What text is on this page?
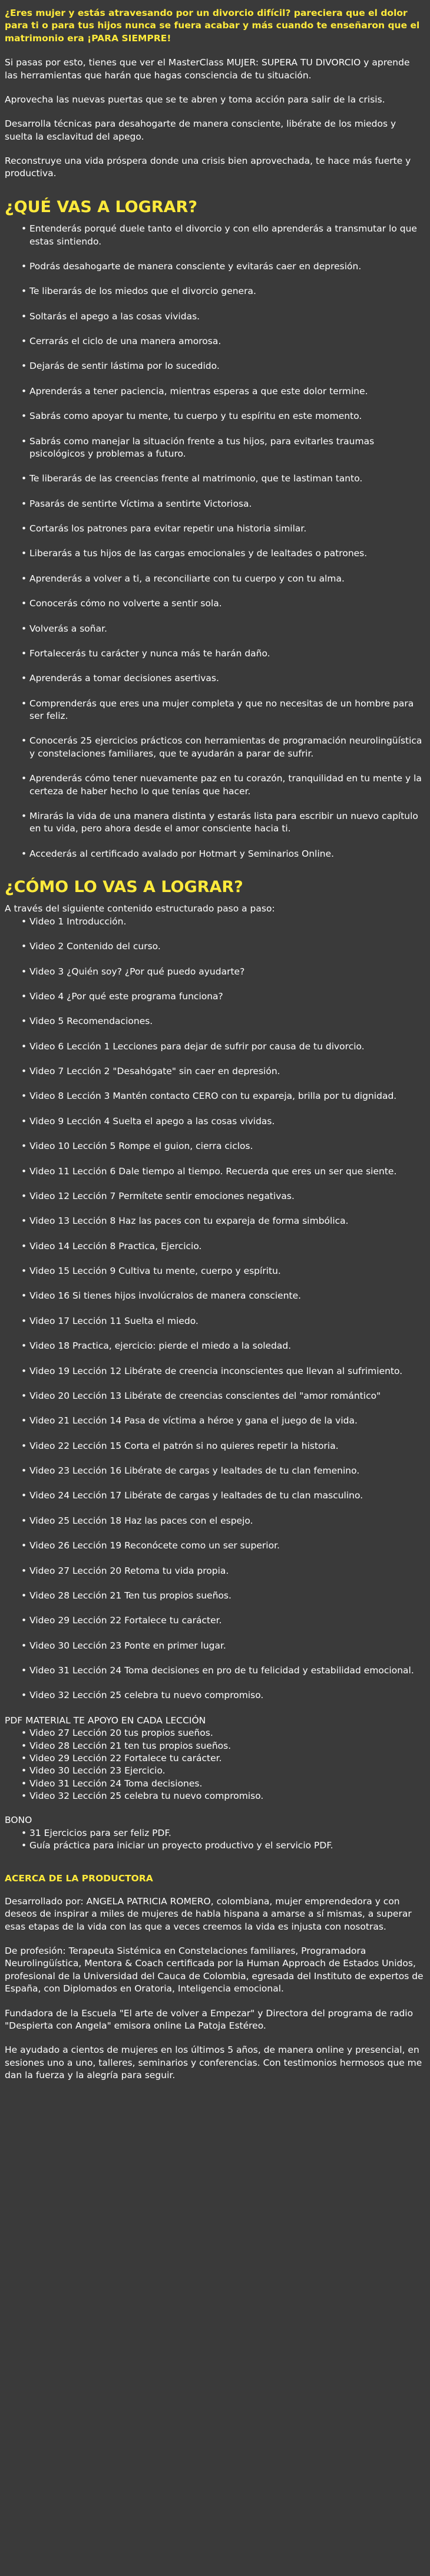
¿Eres mujer y estás atravesando por un divorcio difícil? pareciera que el dolor para ti o para tus hijos nunca se fuera acabar y más cuando te enseñaron que el matrimonio era ¡PARA SIEMPRE!

Si pasas por esto, tienes que ver el MasterClass MUJER: SUPERA TU DIVORCIO y aprende las herramientas que harán que hagas consciencia de tu situación.

Aprovecha las nuevas puertas que se te abren y toma acción para salir de la crisis.

Desarrolla técnicas para desahogarte de manera consciente, libérate de los miedos y suelta la esclavitud del apego.

Reconstruye una vida próspera donde una crisis bien aprovechada, te hace más fuerte y productiva.

¿QUÉ VAS A LOGRAR?
• Entenderás porqué duele tanto el divorcio y con ello aprenderás a transmutar lo que estas sintiendo.
• Podrás desahogarte de manera consciente y evitarás caer en depresión.
• Te liberarás de los miedos que el divorcio genera.
• Soltarás el apego a las cosas vividas.
• Cerrarás el ciclo de una manera amorosa.
• Dejarás de sentir lástima por lo sucedido.
• Aprenderás a tener paciencia, mientras esperas a que este dolor termine.
• Sabrás como apoyar tu mente, tu cuerpo y tu espíritu en este momento.
• Sabrás como manejar la situación frente a tus hijos, para evitarles traumas psicológicos y problemas a futuro.
• Te liberarás de las creencias frente al matrimonio, que te lastiman tanto.
• Pasarás de sentirte Víctima a sentirte Victoriosa.
• Cortarás los patrones para evitar repetir una historia similar.
• Liberarás a tus hijos de las cargas emocionales y de lealtades o patrones.
• Aprenderás a volver a ti, a reconciliarte con tu cuerpo y con tu alma.
• Conocerás cómo no volverte a sentir sola.
• Volverás a soñar.
• Fortalecerás tu carácter y nunca más te harán daño.
• Aprenderás a tomar decisiones asertivas.
• Comprenderás que eres una mujer completa y que no necesitas de un hombre para ser feliz.
• Conocerás 25 ejercicios prácticos con herramientas de programación neurolingüística y constelaciones familiares, que te ayudarán a parar de sufrir.
• Aprenderás cómo tener nuevamente paz en tu corazón, tranquilidad en tu mente y la certeza de haber hecho lo que tenías que hacer.
• Mirarás la vida de una manera distinta y estarás lista para escribir un nuevo capítulo en tu vida, pero ahora desde el amor consciente hacia ti.
• Accederás al certificado avalado por Hotmart y Seminarios Online.
¿CÓMO LO VAS A LOGRAR?

A través del siguiente contenido estructurado paso a paso:

• Video 1 Introducción.
• Video 2 Contenido del curso.
• Video 3 ¿Quién soy? ¿Por qué puedo ayudarte?
• Video 4 ¿Por qué este programa funciona?
• Video 5 Recomendaciones.
• Video 6 Lección 1 Lecciones para dejar de sufrir por causa de tu divorcio.
• Video 7 Lección 2 "Desahógate" sin caer en depresión.
• Video 8 Lección 3 Mantén contacto CERO con tu expareja, brilla por tu dignidad.
• Video 9 Lección 4 Suelta el apego a las cosas vividas.
• Video 10 Lección 5 Rompe el guion, cierra ciclos.
• Video 11 Lección 6 Dale tiempo al tiempo. Recuerda que eres un ser que siente.
• Video 12 Lección 7 Permítete sentir emociones negativas.
• Video 13 Lección 8 Haz las paces con tu expareja de forma simbólica.
• Video 14 Lección 8 Practica, Ejercicio.
• Video 15 Lección 9 Cultiva tu mente, cuerpo y espíritu.
• Video 16 Si tienes hijos involúcralos de manera consciente.
• Video 17 Lección 11 Suelta el miedo.
• Video 18 Practica, ejercicio: pierde el miedo a la soledad.
• Video 19 Lección 12 Libérate de creencia inconscientes que llevan al sufrimiento.
• Video 20 Lección 13 Libérate de creencias conscientes del "amor romántico"
• Video 21 Lección 14 Pasa de víctima a héroe y gana el juego de la vida.
• Video 22 Lección 15 Corta el patrón si no quieres repetir la historia.
• Video 23 Lección 16 Libérate de cargas y lealtades de tu clan femenino.
• Video 24 Lección 17 Libérate de cargas y lealtades de tu clan masculino.
• Video 25 Lección 18 Haz las paces con el espejo.
• Video 26 Lección 19 Reconócete como un ser superior.
• Video 27 Lección 20 Retoma tu vida propia.
• Video 28 Lección 21 Ten tus propios sueños.
• Video 29 Lección 22 Fortalece tu carácter.
• Video 30 Lección 23 Ponte en primer lugar.
• Video 31 Lección 24 Toma decisiones en pro de tu felicidad y estabilidad emocional.
• Video 32 Lección 25 celebra tu nuevo compromiso.

PDF MATERIAL TE APOYO EN CADA LECCIÓN

• Video 27 Lección 20 tus propios sueños.
• Video 28 Lección 21 ten tus propios sueños.
• Video 29 Lección 22 Fortalece tu carácter.
• Video 30 Lección 23 Ejercicio.
• Video 31 Lección 24 Toma decisiones.
• Video 32 Lección 25 celebra tu nuevo compromiso.

BONO

• 31 Ejercicios para ser feliz PDF.
• Guía práctica para iniciar un proyecto productivo y el servicio PDF.

ACERCA DE LA PRODUCTORA

Desarrollado por: ANGELA PATRICIA ROMERO, colombiana, mujer emprendedora y con deseos de inspirar a miles de mujeres de habla hispana a amarse a sí mismas, a superar esas etapas de la vida con las que a veces creemos la vida es injusta con nosotras.

De profesión: Terapeuta Sistémica en Constelaciones familiares, Programadora Neurolingüística, Mentora & Coach certificada por la Human Approach de Estados Unidos, profesional de la Universidad del Cauca de Colombia, egresada del Instituto de expertos de España, con Diplomados en Oratoria, Inteligencia emocional.

Fundadora de la Escuela "El arte de volver a Empezar" y Directora del programa de radio "Despierta con Angela" emisora online La Patoja Estéreo.

He ayudado a cientos de mujeres en los últimos 5 años, de manera online y presencial, en sesiones uno a uno, talleres, seminarios y conferencias. Con testimonios hermosos que me dan la fuerza y la alegría para seguir.
